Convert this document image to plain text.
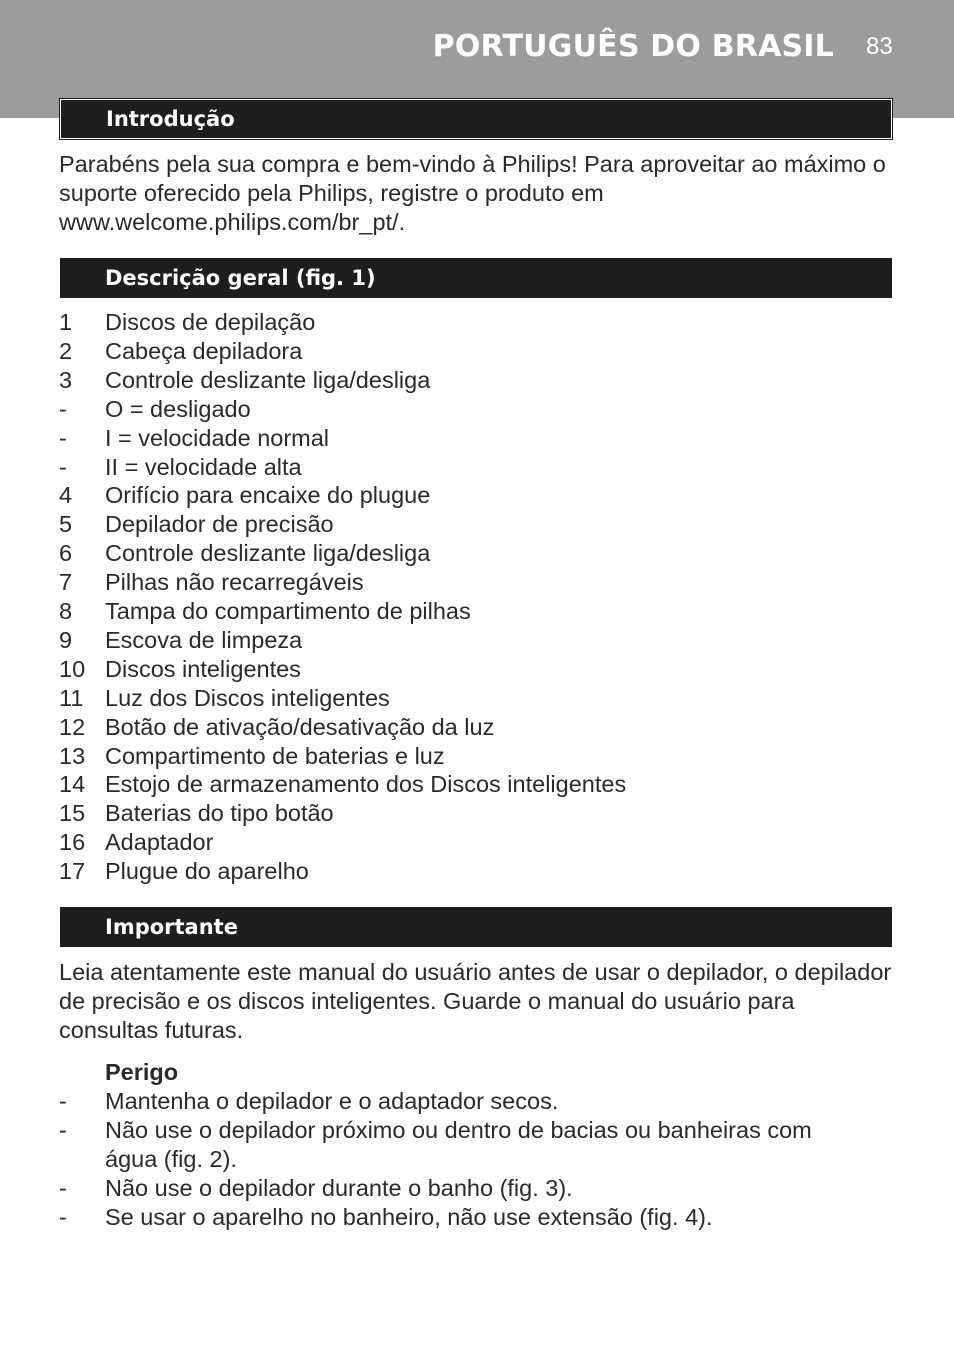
PORTUGUÊS DO BRASIL 83
Introdução

Parabéns pela sua compra e bem-vindo à Philips! Para aproveitar ao máximo o suporte oferecido pela Philips, registre o produto em www.welcome.philips.com/br_pt/.

Descrição geral (fig. 1)
1 Discos de depilação
2 Cabeça depiladora
3 Controle deslizante liga/desliga
- O = desligado
- I = velocidade normal
- II = velocidade alta
4 Orifício para encaixe do plugue
5 Depilador de precisão
6 Controle deslizante liga/desliga
7 Pilhas não recarregáveis
8 Tampa do compartimento de pilhas
9 Escova de limpeza
10 Discos inteligentes
11 Luz dos Discos inteligentes
12 Botão de ativação/desativação da luz
13 Compartimento de baterias e luz
14 Estojo de armazenamento dos Discos inteligentes
15 Baterias do tipo botão
16 Adaptador
17 Plugue do aparelho
Importante

Leia atentamente este manual do usuário antes de usar o depilador, o depilador de precisão e os discos inteligentes. Guarde o manual do usuário para consultas futuras.

Perigo
- Mantenha o depilador e o adaptador secos.
- Não use o depilador próximo ou dentro de bacias ou banheiras com água (fig. 2).
- Não use o depilador durante o banho (fig. 3).
- Se usar o aparelho no banheiro, não use extensão (fig. 4).
